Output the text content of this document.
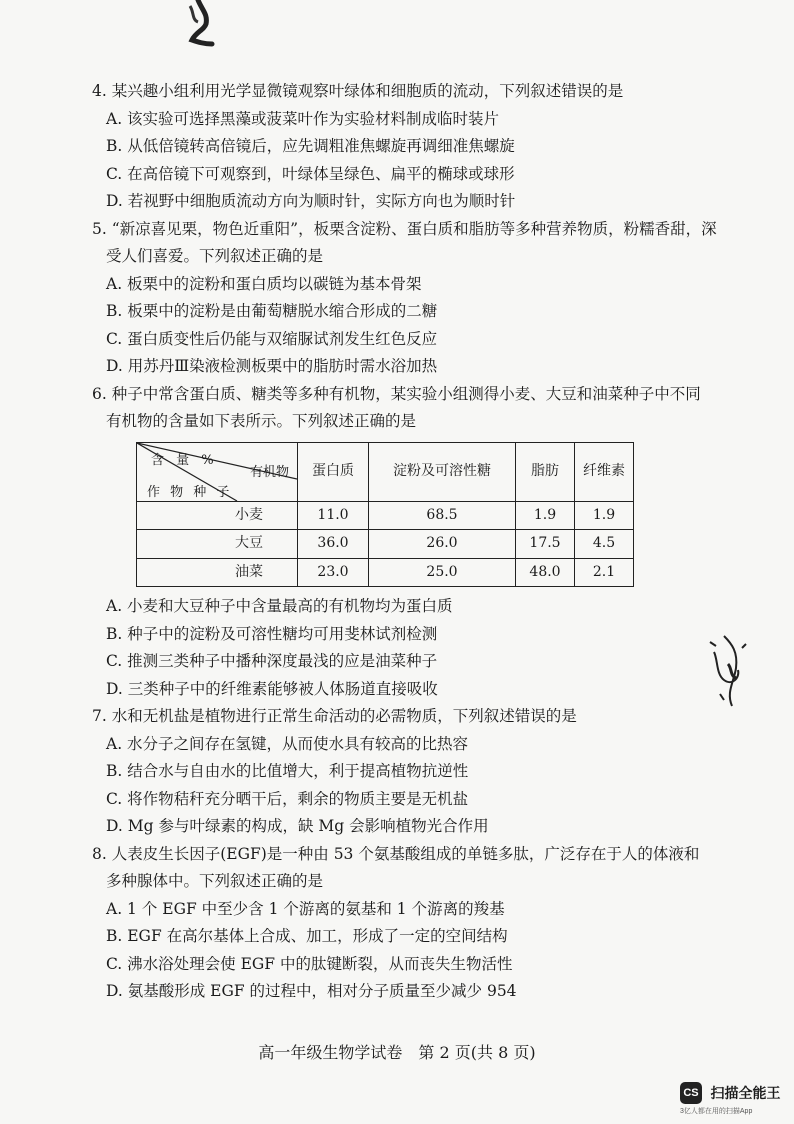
4. 某兴趣小组利用光学显微镜观察叶绿体和细胞质的流动，下列叙述错误的是

A. 该实验可选择黑藻或菠菜叶作为实验材料制成临时装片

B. 从低倍镜转高倍镜后，应先调粗准焦螺旋再调细准焦螺旋

C. 在高倍镜下可观察到，叶绿体呈绿色、扁平的椭球或球形

D. 若视野中细胞质流动方向为顺时针，实际方向也为顺时针

5. “新凉喜见栗，物色近重阳”，板栗含淀粉、蛋白质和脂肪等多种营养物质，粉糯香甜，深

受人们喜爱。下列叙述正确的是

A. 板栗中的淀粉和蛋白质均以碳链为基本骨架

B. 板栗中的淀粉是由葡萄糖脱水缩合形成的二糖

C. 蛋白质变性后仍能与双缩脲试剂发生红色反应

D. 用苏丹Ⅲ染液检测板栗中的脂肪时需水浴加热

6. 种子中常含蛋白质、糖类等多种有机物，某实验小组测得小麦、大豆和油菜种子中不同

有机物的含量如下表所示。下列叙述正确的是

含 量 %
有机物
作 物 种 子	蛋白质	淀粉及可溶性糖	脂肪	纤维素
小麦	11.0	68.5	1.9	1.9
大豆	36.0	26.0	17.5	4.5
油菜	23.0	25.0	48.0	2.1

A. 小麦和大豆种子中含量最高的有机物均为蛋白质

B. 种子中的淀粉及可溶性糖均可用斐林试剂检测

C. 推测三类种子中播种深度最浅的应是油菜种子

D. 三类种子中的纤维素能够被人体肠道直接吸收

7. 水和无机盐是植物进行正常生命活动的必需物质，下列叙述错误的是

A. 水分子之间存在氢键，从而使水具有较高的比热容

B. 结合水与自由水的比值增大，利于提高植物抗逆性

C. 将作物秸秆充分晒干后，剩余的物质主要是无机盐

D. Mg 参与叶绿素的构成，缺 Mg 会影响植物光合作用

8. 人表皮生长因子(EGF)是一种由 53 个氨基酸组成的单链多肽，广泛存在于人的体液和

多种腺体中。下列叙述正确的是

A. 1 个 EGF 中至少含 1 个游离的氨基和 1 个游离的羧基

B. EGF 在高尔基体上合成、加工，形成了一定的空间结构

C. 沸水浴处理会使 EGF 中的肽键断裂，从而丧失生物活性

D. 氨基酸形成 EGF 的过程中，相对分子质量至少减少 954

高一年级生物学试卷　第 2 页(共 8 页)
CS 扫描全能王
3亿人都在用的扫描App
